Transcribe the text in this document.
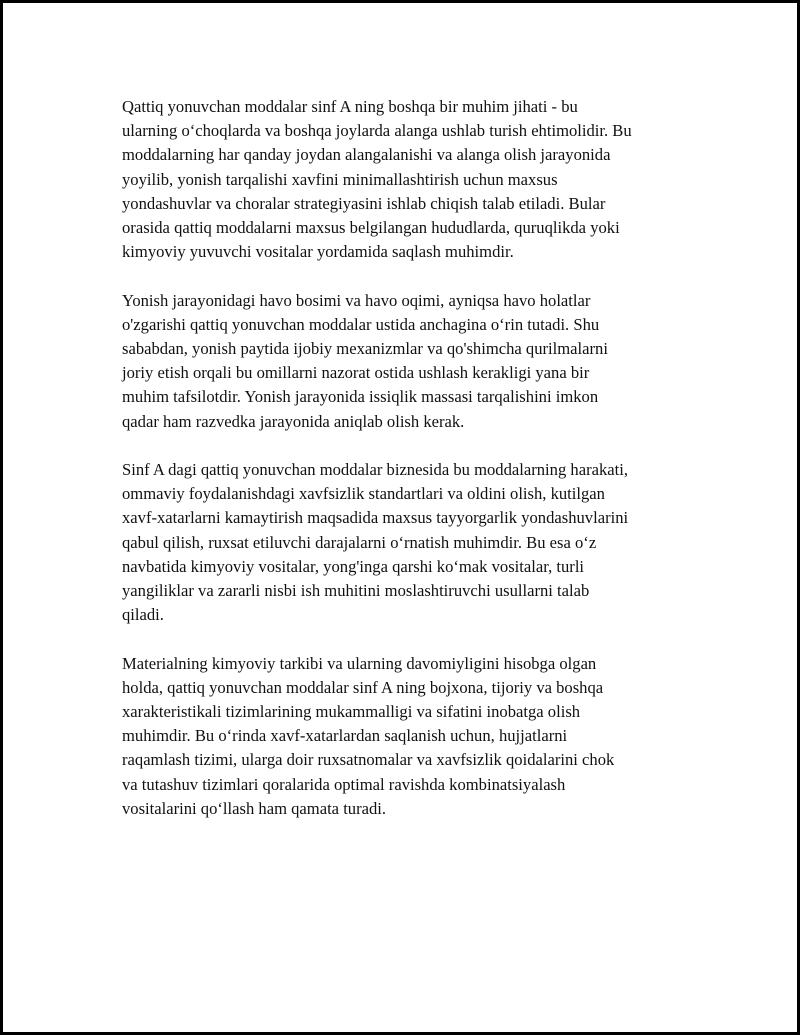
Qattiq yonuvchan moddalar sinf A ning boshqa bir muhim jihati - bu
ularning o‘choqlarda va boshqa joylarda alanga ushlab turish ehtimolidir. Bu
moddalarning har qanday joydan alangalanishi va alanga olish jarayonida
yoyilib, yonish tarqalishi xavfini minimallashtirish uchun maxsus
yondashuvlar va choralar strategiyasini ishlab chiqish talab etiladi. Bular
orasida qattiq moddalarni maxsus belgilangan hududlarda, quruqlikda yoki
kimyoviy yuvuvchi vositalar yordamida saqlash muhimdir.

Yonish jarayonidagi havo bosimi va havo oqimi, ayniqsa havo holatlar
o'zgarishi qattiq yonuvchan moddalar ustida anchagina o‘rin tutadi. Shu
sababdan, yonish paytida ijobiy mexanizmlar va qo'shimcha qurilmalarni
joriy etish orqali bu omillarni nazorat ostida ushlash kerakligi yana bir
muhim tafsilotdir. Yonish jarayonida issiqlik massasi tarqalishini imkon
qadar ham razvedka jarayonida aniqlab olish kerak.

Sinf A dagi qattiq yonuvchan moddalar biznesida bu moddalarning harakati,
ommaviy foydalanishdagi xavfsizlik standartlari va oldini olish, kutilgan
xavf-xatarlarni kamaytirish maqsadida maxsus tayyorgarlik yondashuvlarini
qabul qilish, ruxsat etiluvchi darajalarni o‘rnatish muhimdir. Bu esa o‘z
navbatida kimyoviy vositalar, yong'inga qarshi ko‘mak vositalar, turli
yangiliklar va zararli nisbi ish muhitini moslashtiruvchi usullarni talab
qiladi.

Materialning kimyoviy tarkibi va ularning davomiyligini hisobga olgan
holda, qattiq yonuvchan moddalar sinf A ning bojxona, tijoriy va boshqa
xarakteristikali tizimlarining mukammalligi va sifatini inobatga olish
muhimdir. Bu o‘rinda xavf-xatarlardan saqlanish uchun, hujjatlarni
raqamlash tizimi, ularga doir ruxsatnomalar va xavfsizlik qoidalarini chok
va tutashuv tizimlari qoralarida optimal ravishda kombinatsiyalash
vositalarini qo‘llash ham qamata turadi.
